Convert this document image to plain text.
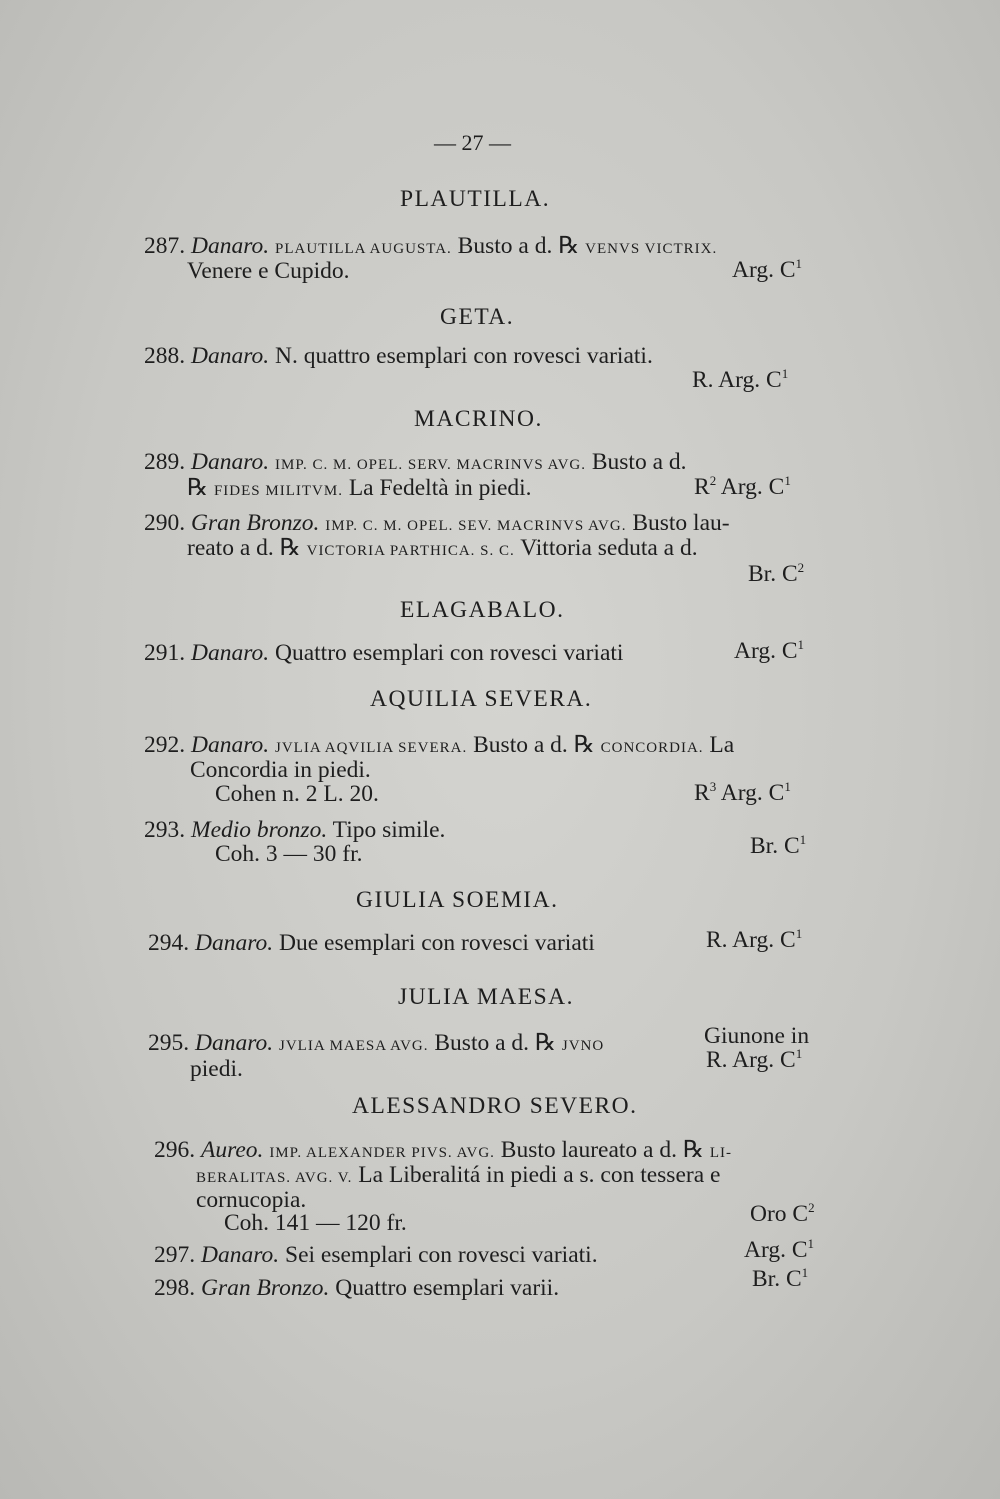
— 27 —
PLAUTILLA.
287. Danaro. PLAUTILLA AUGUSTA. Busto a d. ℞ VENVS VICTRIX.
Venere e Cupido.	Arg. $C^1$
GETA.
288. Danaro. N. quattro esemplari con rovesci variati.
R. Arg. $C^1$
MACRINO.
289. Danaro. IMP. C. M. OPEL. SERV. MACRINVS AVG. Busto a d.
℞ FIDES MILITVM. La Fedeltà in piedi.	$R^2$ Arg. $C^1$
290. Gran Bronzo. IMP. C. M. OPEL. SEV. MACRINVS AVG. Busto lau-
reato a d. ℞ VICTORIA PARTHICA. S. C. Vittoria seduta a d.
Br. $C^2$
ELAGABALO.
291. Danaro. Quattro esemplari con rovesci variati	Arg. $C^1$
AQUILIA SEVERA.
292. Danaro. JVLIA AQVILIA SEVERA. Busto a d. ℞ CONCORDIA. La
Concordia in piedi.
Cohen n. 2 L. 20.	$R^3$ Arg. $C^1$
293. Medio bronzo. Tipo simile.
Coh. 3 — 30 fr.	Br. $C^1$
GIULIA SOEMIA.
294. Danaro. Due esemplari con rovesci variati	R. Arg. $C^1$
JULIA MAESA.
295. Danaro. JVLIA MAESA AVG. Busto a d. ℞ JVNO	Giunone in
piedi.	R. Arg. $C^1$
ALESSANDRO SEVERO.
296. Aureo. IMP. ALEXANDER PIVS. AVG. Busto laureato a d. ℞ LI-
BERALITAS. AVG. V. La Liberalitá in piedi a s. con tessera e
cornucopia.
Coh. 141 — 120 fr.	Oro $C^2$
297. Danaro. Sei esemplari con rovesci variati.	Arg. $C^1$
298. Gran Bronzo. Quattro esemplari varii.	Br. $C^1$
